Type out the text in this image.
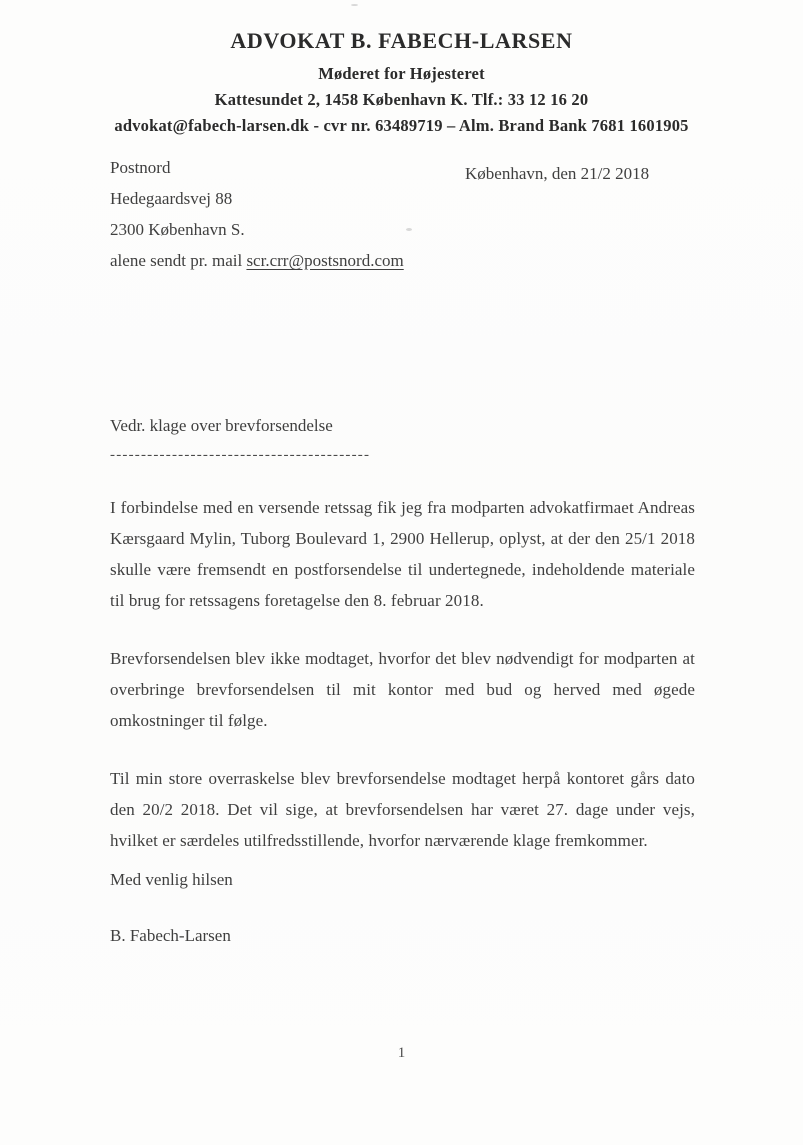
ADVOKAT B. FABECH-LARSEN
Møderet for Højesteret
Kattesundet 2, 1458 København K. Tlf.: 33 12 16 20
advokat@fabech-larsen.dk - cvr nr. 63489719 – Alm. Brand Bank 7681 1601905
Postnord
Hedegaardsvej 88
2300 København S.
alene sendt pr. mail scr.crr@postsnord.com
København, den 21/2 2018
Vedr. klage over brevforsendelse
------------------------------------------

I forbindelse med en versende retssag fik jeg fra modparten advokatfirmaet Andreas Kærsgaard Mylin, Tuborg Boulevard 1, 2900 Hellerup, oplyst, at der den 25/1 2018 skulle være fremsendt en postforsendelse til undertegnede, indeholdende materiale til brug for retssagens foretagelse den 8. februar 2018.

Brevforsendelsen blev ikke modtaget, hvorfor det blev nødvendigt for modparten at overbringe brevforsendelsen til mit kontor med bud og herved med øgede omkostninger til følge.

Til min store overraskelse blev brevforsendelse modtaget herpå kontoret gårs dato den 20/2 2018. Det vil sige, at brevforsendelsen har været 27. dage under vejs, hvilket er særdeles utilfredsstillende, hvorfor nærværende klage fremkommer.

Med venlig hilsen
B. Fabech-Larsen
1
